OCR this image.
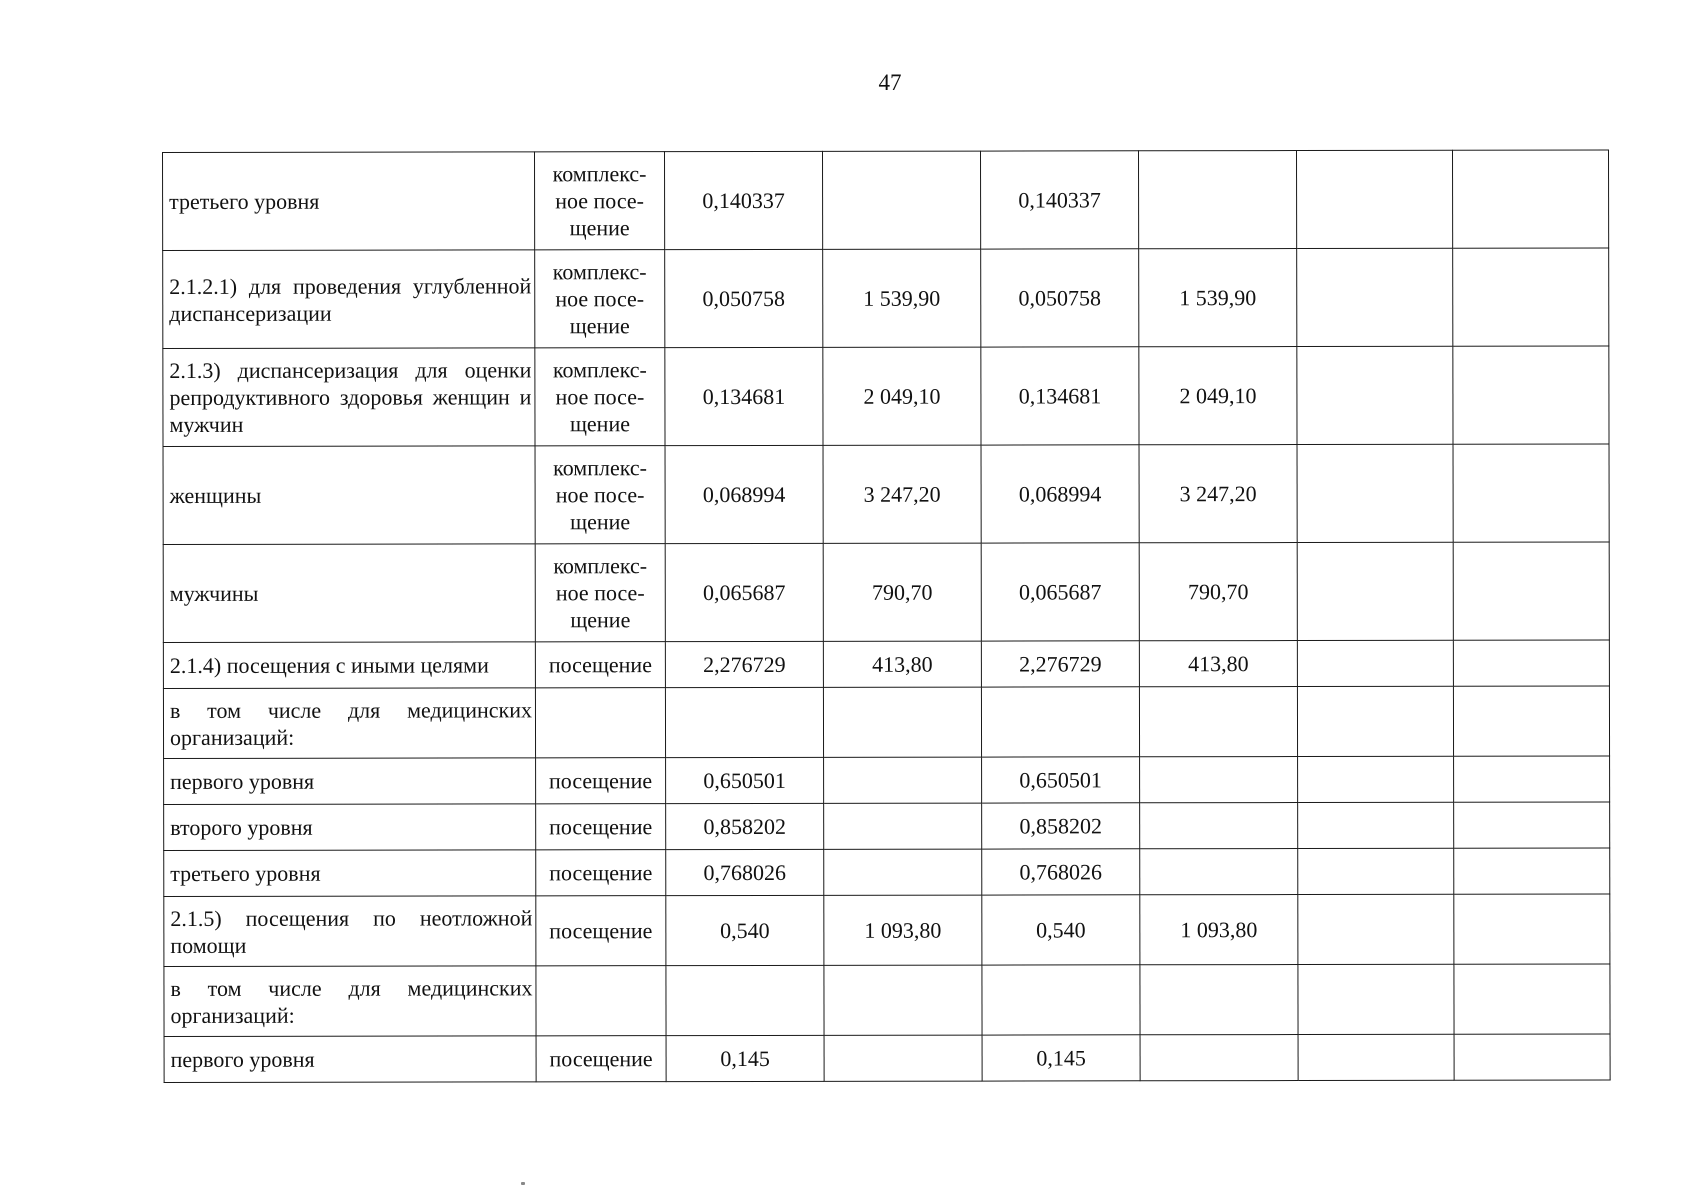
47
третьего уровня	комплекс-ное посе-щение	0,140337		0,140337			
2.1.2.1) для проведения углубленной диспансеризации	комплекс-ное посе-щение	0,050758	1 539,90	0,050758	1 539,90		
2.1.3) диспансеризация для оценки репродуктивного здоровья женщин и мужчин	комплекс-ное посе-щение	0,134681	2 049,10	0,134681	2 049,10		
женщины	комплекс-ное посе-щение	0,068994	3 247,20	0,068994	3 247,20		
мужчины	комплекс-ное посе-щение	0,065687	790,70	0,065687	790,70		
2.1.4) посещения с иными целями	посещение	2,276729	413,80	2,276729	413,80		
в том числе для медицинских организаций:							
первого уровня	посещение	0,650501		0,650501			
второго уровня	посещение	0,858202		0,858202			
третьего уровня	посещение	0,768026		0,768026			
2.1.5) посещения по неотложной помощи	посещение	0,540	1 093,80	0,540	1 093,80		
в том числе для медицинских организаций:							
первого уровня	посещение	0,145		0,145			
